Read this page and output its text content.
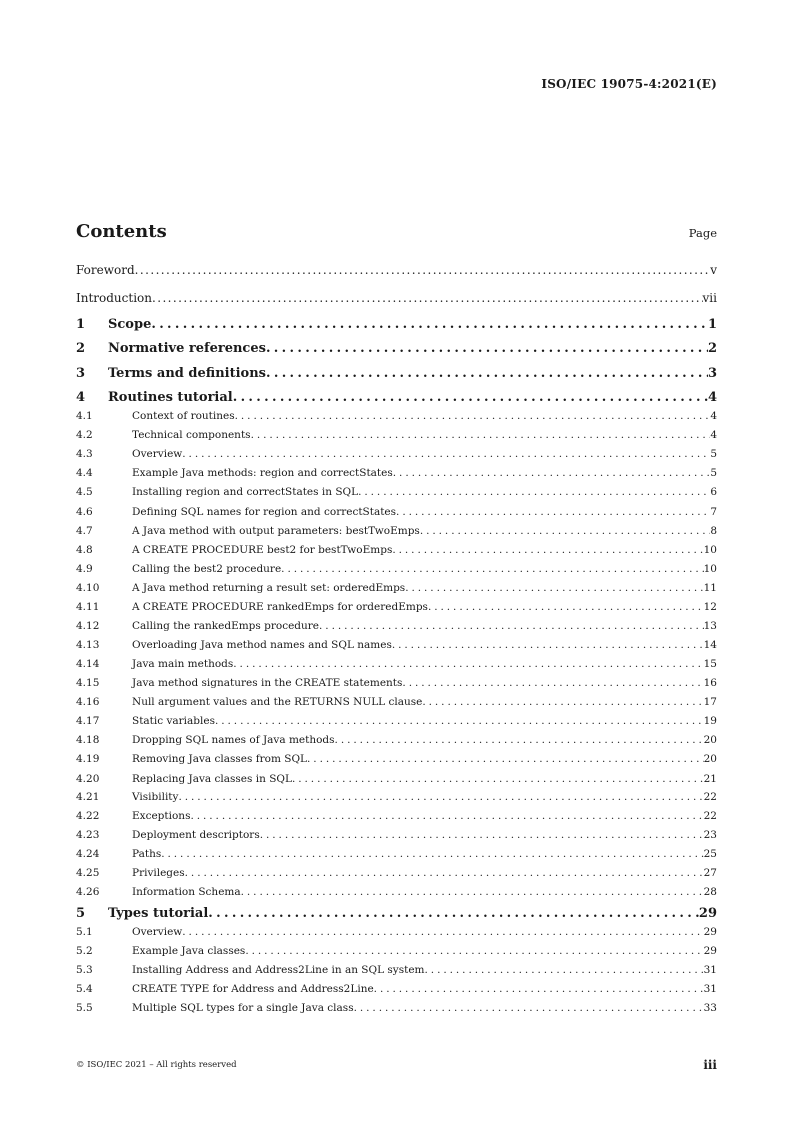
ISO/IEC 19075-4:2021(E)
Contents	Page
Foreword . . .	v
Introduction . . .	vii
1	Scope . . .	1
2	Normative references . . .	2
3	Terms and definitions . . .	3
4	Routines tutorial . . .	4
4.1	Context of routines . . .	4
4.2	Technical components . . .	4
4.3	Overview . . .	5
4.4	Example Java methods: region and correctStates . . .	5
4.5	Installing region and correctStates in SQL . . .	6
4.6	Defining SQL names for region and correctStates . . .	7
4.7	A Java method with output parameters: bestTwoEmps . . .	8
4.8	A CREATE PROCEDURE best2 for bestTwoEmps . . .	10
4.9	Calling the best2 procedure . . .	10
4.10	A Java method returning a result set: orderedEmps . . .	11
4.11	A CREATE PROCEDURE rankedEmps for orderedEmps . . .	12
4.12	Calling the rankedEmps procedure . . .	13
4.13	Overloading Java method names and SQL names . . .	14
4.14	Java main methods . . .	15
4.15	Java method signatures in the CREATE statements . . .	16
4.16	Null argument values and the RETURNS NULL clause . . .	17
4.17	Static variables . . .	19
4.18	Dropping SQL names of Java methods . . .	20
4.19	Removing Java classes from SQL . . .	20
4.20	Replacing Java classes in SQL . . .	21
4.21	Visibility . . .	22
4.22	Exceptions . . .	22
4.23	Deployment descriptors . . .	23
4.24	Paths . . .	25
4.25	Privileges . . .	27
4.26	Information Schema . . .	28
5	Types tutorial . . .	29
5.1	Overview . . .	29
5.2	Example Java classes . . .	29
5.3	Installing Address and Address2Line in an SQL system . . .	31
5.4	CREATE TYPE for Address and Address2Line . . .	31
5.5	Multiple SQL types for a single Java class . . .	33
© ISO/IEC 2021 – All rights reserved	iii
